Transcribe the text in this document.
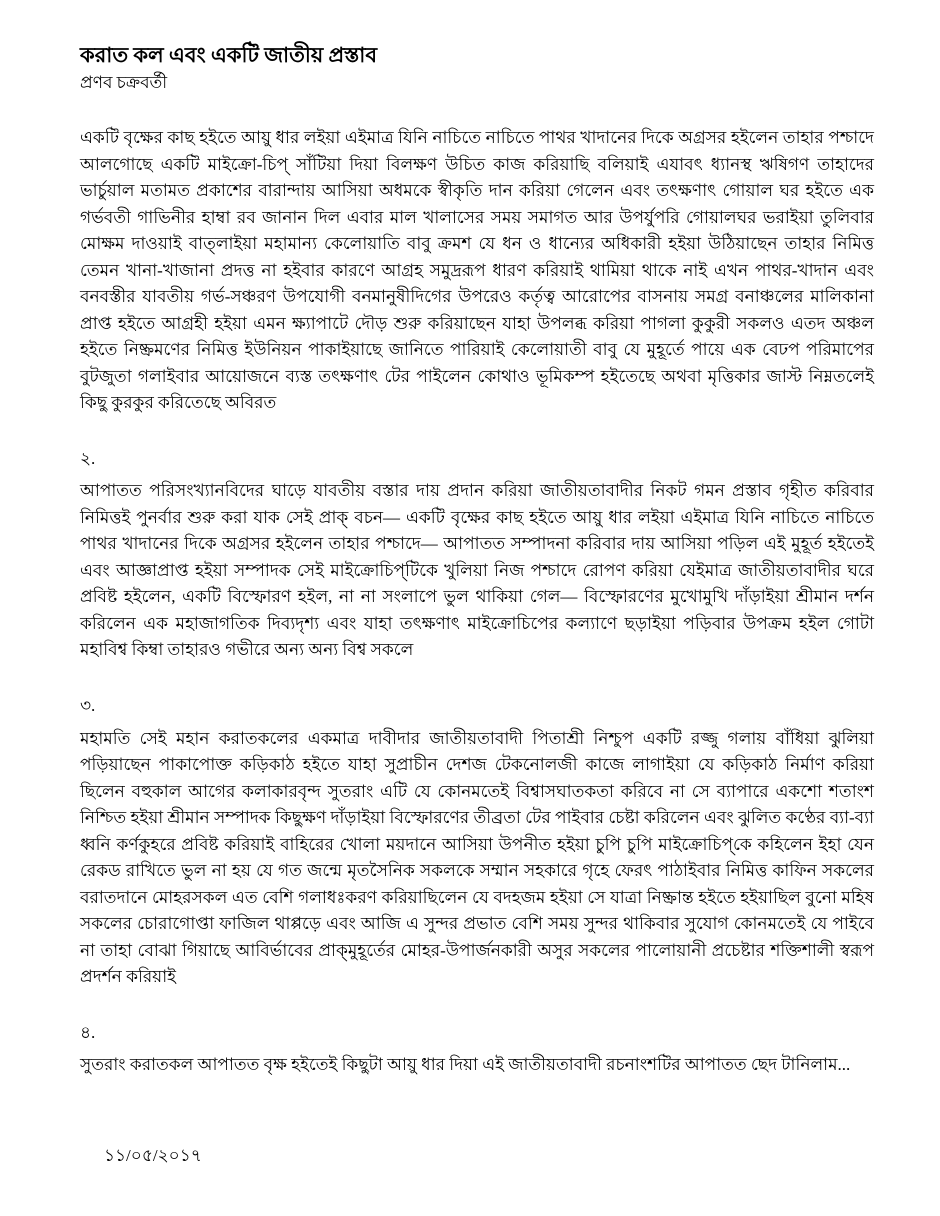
করাত কল এবং একটি জাতীয় প্রস্তাব
প্রণব চক্রবর্তী

একটি বৃক্ষের কাছ হইতে আয়ু ধার লইয়া এইমাত্র যিনি নাচিতে নাচিতে পাথর খাদানের দিকে অগ্রসর হইলেন তাহার পশ্চাদে আলগোছে একটি মাইক্রো-চিপ্ সাঁটিয়া দিয়া বিলক্ষণ উচিত কাজ করিয়াছি বলিয়াই এযাবৎ ধ্যানস্থ ঋষিগণ তাহাদের ভার্চুয়াল মতামত প্রকাশের বারান্দায় আসিয়া অধমকে স্বীকৃতি দান করিয়া গেলেন এবং তৎক্ষণাৎ গোয়াল ঘর হইতে এক গর্ভবতী গাভিনীর হাম্বা রব জানান দিল এবার মাল খালাসের সময় সমাগত আর উপর্যুপরি গোয়ালঘর ভরাইয়া তুলিবার মোক্ষম দাওয়াই বাত্লাইয়া মহামান্য কেলোয়াতি বাবু ক্রমশ যে ধন ও ধান্যের অধিকারী হইয়া উঠিয়াছেন তাহার নিমিত্ত তেমন খানা-খাজানা প্রদত্ত না হইবার কারণে আগ্রহ সমুদ্ররূপ ধারণ করিয়াই থামিয়া থাকে নাই এখন পাথর-খাদান এবং বনবস্তীর যাবতীয় গর্ভ-সঞ্চরণ উপযোগী বনমানুষীদিগের উপরেও কর্তৃত্ব আরোপের বাসনায় সমগ্র বনাঞ্চলের মালিকানা প্রাপ্ত হইতে আগ্রহী হইয়া এমন ক্ষ্যাপাটে দৌড় শুরু করিয়াছেন যাহা উপলব্ধ করিয়া পাগলা কুকুরী সকলও এতদ অঞ্চল হইতে নিষ্ক্রমণের নিমিত্ত ইউনিয়ন পাকাইয়াছে জানিতে পারিয়াই কেলোয়াতী বাবু যে মুহূর্তে পায়ে এক বেঢপ পরিমাপের বুটজুতা গলাইবার আয়োজনে ব্যস্ত তৎক্ষণাৎ টের পাইলেন কোথাও ভূমিকম্প হইতেছে অথবা মৃত্তিকার জাস্ট নিম্নতলেই কিছু কুরকুর করিতেছে অবিরত

২.

আপাতত পরিসংখ্যানবিদের ঘাড়ে যাবতীয় বস্তার দায় প্রদান করিয়া জাতীয়তাবাদীর নিকট গমন প্রস্তাব গৃহীত করিবার নিমিত্তই পুনর্বার শুরু করা যাক সেই প্রাক্ বচন— একটি বৃক্ষের কাছ হইতে আয়ু ধার লইয়া এইমাত্র যিনি নাচিতে নাচিতে পাথর খাদানের দিকে অগ্রসর হইলেন তাহার পশ্চাদে— আপাতত সম্পাদনা করিবার দায় আসিয়া পড়িল এই মুহূর্ত হইতেই এবং আজ্ঞাপ্রাপ্ত হইয়া সম্পাদক সেই মাইক্রোচিপ্‌টিকে খুলিয়া নিজ পশ্চাদে রোপণ করিয়া যেইমাত্র জাতীয়তাবাদীর ঘরে প্রবিষ্ট হইলেন, একটি বিস্ফোরণ হইল, না না সংলাপে ভুল থাকিয়া গেল— বিস্ফোরণের মুখোমুখি দাঁড়াইয়া শ্রীমান দর্শন করিলেন এক মহাজাগতিক দিব্যদৃশ্য এবং যাহা তৎক্ষণাৎ মাইক্রোচিপের কল্যাণে ছড়াইয়া পড়িবার উপক্রম হইল গোটা মহাবিশ্ব কিম্বা তাহারও গভীরে অন্য অন্য বিশ্ব সকলে

৩.

মহামতি সেই মহান করাতকলের একমাত্র দাবীদার জাতীয়তাবাদী পিতাশ্রী নিশ্চুপ একটি রজ্জু গলায় বাঁধিয়া ঝুলিয়া পড়িয়াছেন পাকাপোক্ত কড়িকাঠ হইতে যাহা সুপ্রাচীন দেশজ টেকনোলজী কাজে লাগাইয়া যে কড়িকাঠ নির্মাণ করিয়া ছিলেন বহুকাল আগের কলাকারবৃন্দ সুতরাং এটি যে কোনমতেই বিশ্বাসঘাতকতা করিবে না সে ব্যাপারে একশো শতাংশ নিশ্চিত হইয়া শ্রীমান সম্পাদক কিছুক্ষণ দাঁড়াইয়া বিস্ফোরণের তীব্রতা টের পাইবার চেষ্টা করিলেন এবং ঝুলিত কণ্ঠের ব্যা-ব্যা ধ্বনি কর্ণকুহরে প্রবিষ্ট করিয়াই বাহিরের খোলা ময়দানে আসিয়া উপনীত হইয়া চুপি চুপি মাইক্রোচিপ্‌কে কহিলেন ইহা যেন রেকড রাখিতে ভুল না হয় যে গত জন্মে মৃতসৈনিক সকলকে সম্মান সহকারে গৃহে ফেরৎ পাঠাইবার নিমিত্ত কাফিন সকলের বরাতদানে মোহরসকল এত বেশি গলাধঃকরণ করিয়াছিলেন যে বদহজম হইয়া সে যাত্রা নিষ্ক্রান্ত হইতে হইয়াছিল বুনো মহিষ সকলের চোরাগোপ্তা ফাজিল থাপ্পড়ে এবং আজি এ সুন্দর প্রভাত বেশি সময় সুন্দর থাকিবার সুযোগ কোনমতেই যে পাইবে না তাহা বোঝা গিয়াছে আবির্ভাবের প্রাক্‌মুহূর্তের মোহর-উপার্জনকারী অসুর সকলের পালোয়ানী প্রচেষ্টার শক্তিশালী স্বরূপ প্রদর্শন করিয়াই

৪.

সুতরাং করাতকল আপাতত বৃক্ষ হইতেই কিছুটা আয়ু ধার দিয়া এই জাতীয়তাবাদী রচনাংশটির আপাতত ছেদ টানিলাম...

১১/০৫/২০১৭
